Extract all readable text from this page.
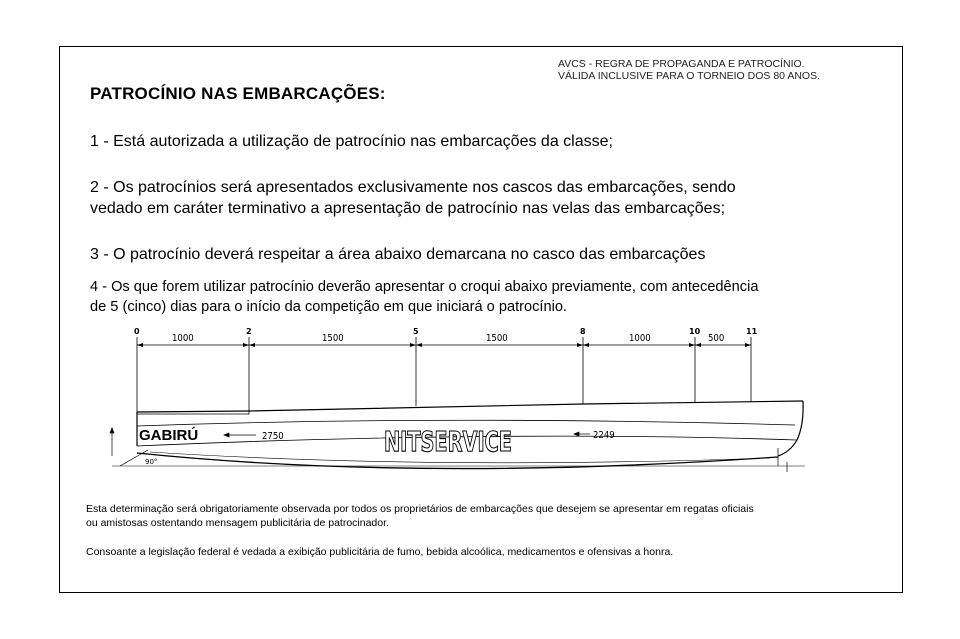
AVCS - REGRA DE PROPAGANDA E PATROCÍNIO.
VÁLIDA INCLUSIVE PARA O TORNEIO DOS 80 ANOS.
PATROCÍNIO NAS EMBARCAÇÕES:
1 - Está autorizada a utilização de patrocínio nas embarcações da classe;
2 - Os patrocínios será apresentados exclusivamente nos cascos das embarcações, sendo
vedado em caráter terminativo a apresentação de patrocínio nas velas das embarcações;
3 - O patrocínio deverá respeitar a área abaixo demarcana no casco das embarcações
4 - Os que forem utilizar patrocínio deverão apresentar o croqui abaixo previamente, com antecedência
de 5 (cinco) dias para o início da competição em que iniciará o patrocínio.
0	2	5	8	10	11
1000	1500	1500	1000	500
90°
2750	2249
GABIRÚ	NITSERVICE
Esta determinação será obrigatoriamente observada por todos os proprietários de embarcações que desejem se apresentar em regatas oficiais
ou amistosas ostentando mensagem publicitária de patrocinador.
Consoante a legislação federal é vedada a exibição publicitária de fumo, bebida alcoólica, medicamentos e ofensivas a honra.
